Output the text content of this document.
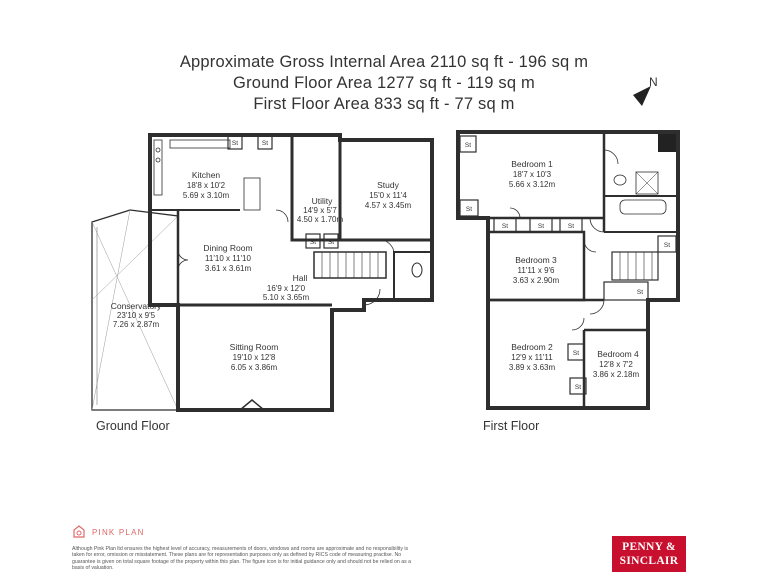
Approximate Gross Internal Area 2110 sq ft - 196 sq m
Ground Floor Area 1277 sq ft - 119 sq m
First Floor Area 833 sq ft - 77 sq m
N
Kitchen
18'8 x 10'2
5.69 x 3.10m
Utility
14'9 x 5'7
4.50 x 1.70m
Study
15'0 x 11'4
4.57 x 3.45m
Dining Room
11'10 x 11'10
3.61 x 3.61m
Hall
16'9 x 12'0
5.10 x 3.65m
Conservatory
23'10 x 9'5
7.26 x 2.87m
Sitting Room
19'10 x 12'8
6.05 x 3.86m
St	St
St St
Bedroom 1
18'7 x 10'3
5.66 x 3.12m
Bedroom 3
11'11 x 9'6
3.63 x 2.90m
Bedroom 2
12'9 x 11'11
3.89 x 3.63m
Bedroom 4
12'8 x 7'2
3.86 x 2.18m
St
St
St	St	St
St
St
St
St
Ground Floor	First Floor
PINK PLAN
Although Pink Plan ltd ensures the highest level of accuracy, measurements of doors, windows and rooms are approximate and no responsibility is taken for error, omission or misstatement. These plans are for representation purposes only as defined by RICS code of measuring practise. No guarantee is given on total square footage of the property within this plan. The figure icon is for initial guidance only and should not be relied on as a basis of valuation.
PENNY &
SINCLAIR
